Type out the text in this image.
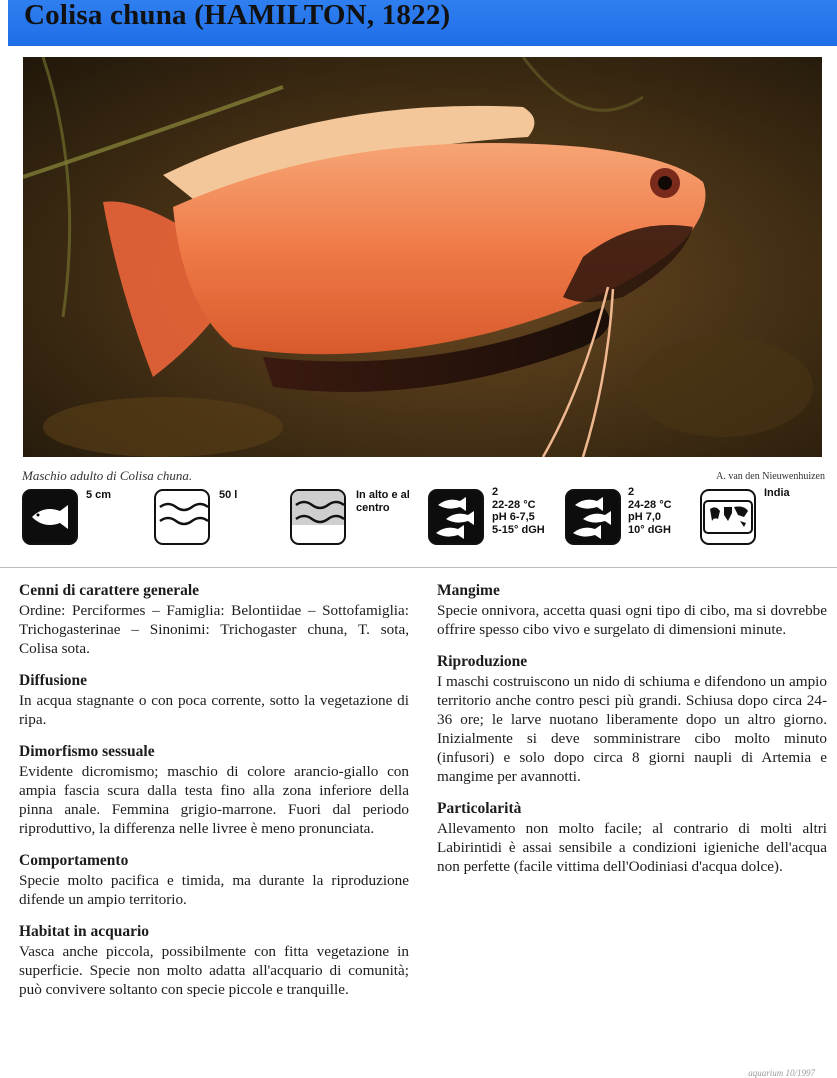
Colisa chuna (HAMILTON, 1822)
Maschio adulto di Colisa chuna.	A. van den Nieuwenhuizen
5 cm	50 l	In alto e al
centro
2
22-28 °C
pH 6-7,5
5-15° dGH
2
24-28 °C
pH 7,0
10° dGH
India
Cenni di carattere generale

Ordine: Perciformes – Famiglia: Belontiidae – Sottofamiglia: Trichogasterinae – Sinonimi: Trichogaster chuna, T. sota, Colisa sota.

Diffusione

In acqua stagnante o con poca corrente, sotto la vegetazione di ripa.

Dimorfismo sessuale

Evidente dicromismo; maschio di colore arancio-giallo con ampia fascia scura dalla testa fino alla zona inferiore della pinna anale. Femmina grigio-marrone. Fuori dal periodo riproduttivo, la differenza nelle livree è meno pronunciata.

Comportamento

Specie molto pacifica e timida, ma durante la riproduzione difende un ampio territorio.

Habitat in acquario

Vasca anche piccola, possibilmente con fitta vegetazione in superficie. Specie non molto adatta all'acquario di comunità; può convivere soltanto con specie piccole e tranquille.

Mangime

Specie onnivora, accetta quasi ogni tipo di cibo, ma si dovrebbe offrire spesso cibo vivo e surgelato di dimensioni minute.

Riproduzione

I maschi costruiscono un nido di schiuma e difendono un ampio territorio anche contro pesci più grandi. Schiusa dopo circa 24-36 ore; le larve nuotano liberamente dopo un altro giorno. Inizialmente si deve somministrare cibo molto minuto (infusori) e solo dopo circa 8 giorni naupli di Artemia e mangime per avannotti.

Particolarità

Allevamento non molto facile; al contrario di molti altri Labirintidi è assai sensibile a condizioni igieniche dell'acqua non perfette (facile vittima dell'Oodiniasi d'acqua dolce).

aquarium 10/1997
